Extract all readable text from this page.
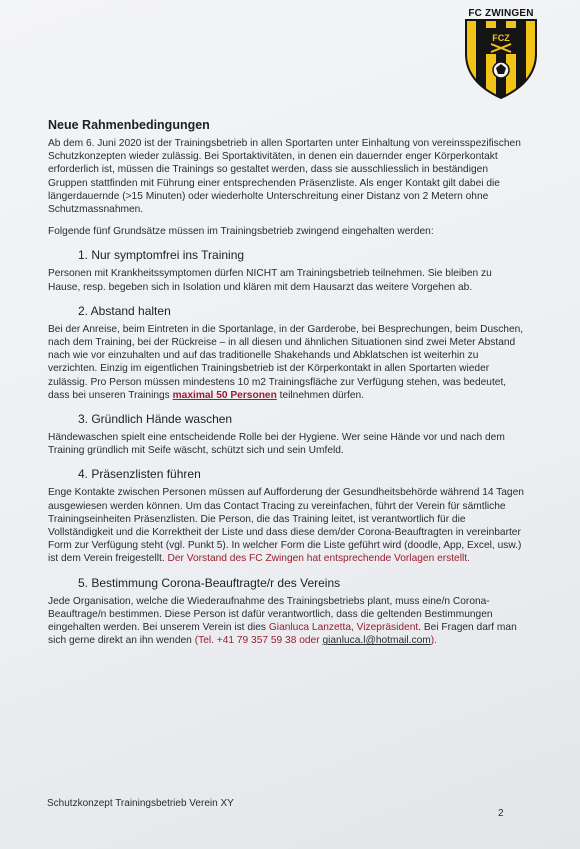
FC ZWINGEN
FCZ
Neue Rahmenbedingungen

Ab dem 6. Juni 2020 ist der Trainingsbetrieb in allen Sportarten unter Einhaltung von vereinsspezifischen Schutzkonzepten wieder zulässig. Bei Sportaktivitäten, in denen ein dauernder enger Körperkontakt erforderlich ist, müssen die Trainings so gestaltet werden, dass sie ausschliesslich in beständigen Gruppen stattfinden mit Führung einer entsprechenden Präsenzliste. Als enger Kontakt gilt dabei die längerdauernde (>15 Minuten) oder wiederholte Unterschreitung einer Distanz von 2 Metern ohne Schutzmassnahmen.

Folgende fünf Grundsätze müssen im Trainingsbetrieb zwingend eingehalten werden:

1. Nur symptomfrei ins Training

Personen mit Krankheitssymptomen dürfen NICHT am Trainingsbetrieb teilnehmen. Sie bleiben zu Hause, resp. begeben sich in Isolation und klären mit dem Hausarzt das weitere Vorgehen ab.

2. Abstand halten

Bei der Anreise, beim Eintreten in die Sportanlage, in der Garderobe, bei Besprechungen, beim Duschen, nach dem Training, bei der Rückreise – in all diesen und ähnlichen Situationen sind zwei Meter Abstand nach wie vor einzuhalten und auf das traditionelle Shakehands und Abklatschen ist weiterhin zu verzichten. Einzig im eigentlichen Trainingsbetrieb ist der Körperkontakt in allen Sportarten wieder zulässig. Pro Person müssen mindestens 10 m2 Trainingsfläche zur Verfügung stehen, was bedeutet, dass bei unseren Trainings maximal 50 Personen teilnehmen dürfen.

3. Gründlich Hände waschen

Händewaschen spielt eine entscheidende Rolle bei der Hygiene. Wer seine Hände vor und nach dem Training gründlich mit Seife wäscht, schützt sich und sein Umfeld.

4. Präsenzlisten führen

Enge Kontakte zwischen Personen müssen auf Aufforderung der Gesundheitsbehörde während 14 Tagen ausgewiesen werden können. Um das Contact Tracing zu vereinfachen, führt der Verein für sämtliche Trainingseinheiten Präsenzlisten. Die Person, die das Training leitet, ist verantwortlich für die Vollständigkeit und die Korrektheit der Liste und dass diese dem/der Corona-Beauftragten in vereinbarter Form zur Verfügung steht (vgl. Punkt 5). In welcher Form die Liste geführt wird (doodle, App, Excel, usw.) ist dem Verein freigestellt. Der Vorstand des FC Zwingen hat entsprechende Vorlagen erstellt.

5. Bestimmung Corona-Beauftragte/r des Vereins

Jede Organisation, welche die Wiederaufnahme des Trainingsbetriebs plant, muss eine/n Corona-Beauftrage/n bestimmen. Diese Person ist dafür verantwortlich, dass die geltenden Bestimmungen eingehalten werden. Bei unserem Verein ist dies Gianluca Lanzetta, Vizepräsident. Bei Fragen darf man sich gerne direkt an ihn wenden (Tel. +41 79 357 59 38 oder gianluca.l@hotmail.com).

Schutzkonzept Trainingsbetrieb Verein XY
2
